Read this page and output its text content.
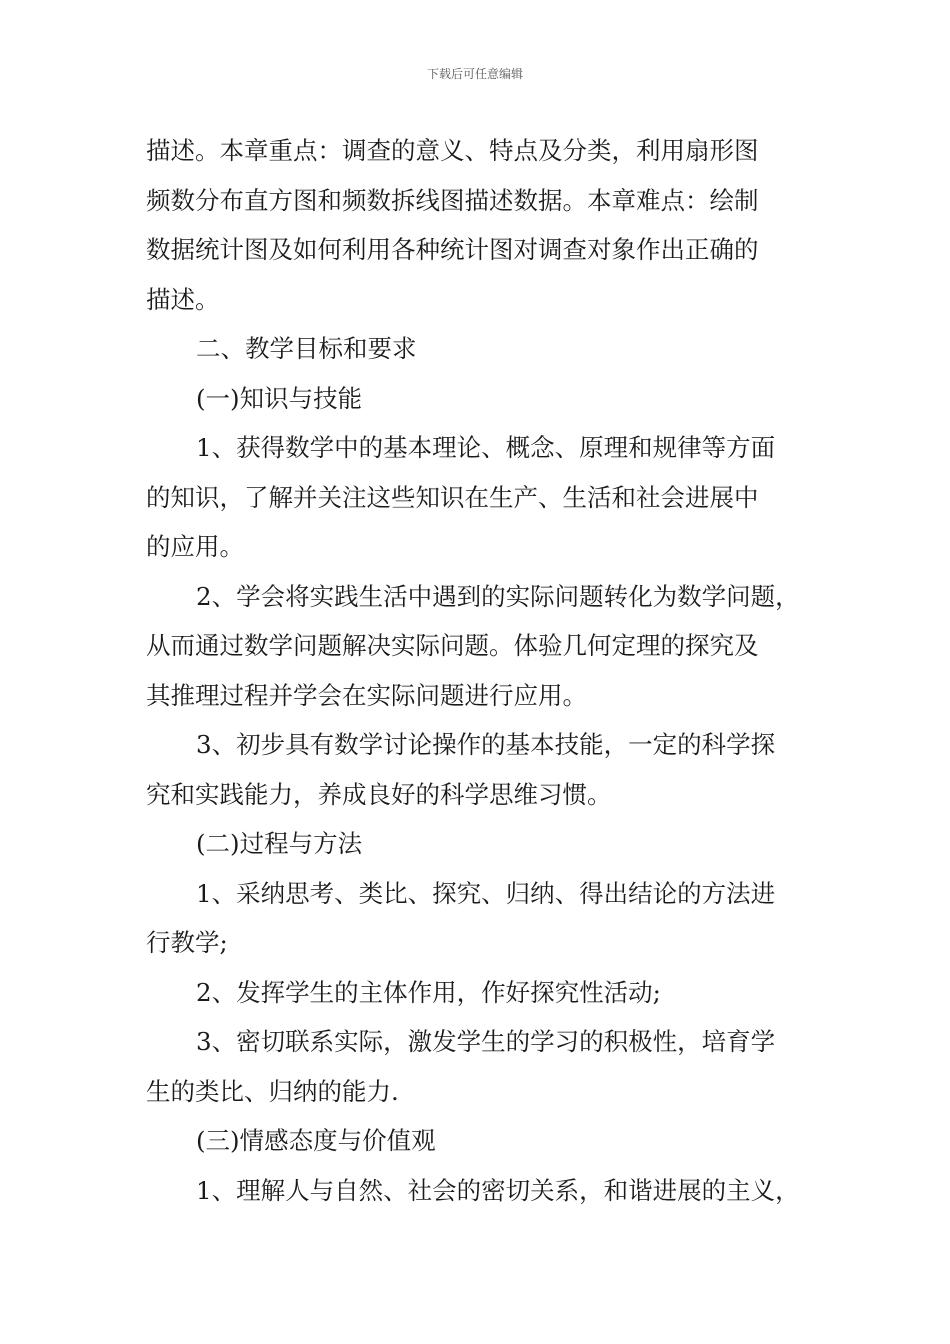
下载后可任意编辑
描述。本章重点：调查的意义、特点及分类，利用扇形图
频数分布直方图和频数拆线图描述数据。本章难点：绘制
数据统计图及如何利用各种统计图对调查对象作出正确的
描述。
二、教学目标和要求
(一)知识与技能
1、获得数学中的基本理论、概念、原理和规律等方面
的知识，了解并关注这些知识在生产、生活和社会进展中
的应用。
2、学会将实践生活中遇到的实际问题转化为数学问题，
从而通过数学问题解决实际问题。体验几何定理的探究及
其推理过程并学会在实际问题进行应用。
3、初步具有数学讨论操作的基本技能，一定的科学探
究和实践能力，养成良好的科学思维习惯。
(二)过程与方法
1、采纳思考、类比、探究、归纳、得出结论的方法进
行教学;
2、发挥学生的主体作用，作好探究性活动;
3、密切联系实际，激发学生的学习的积极性，培育学
生的类比、归纳的能力.
(三)情感态度与价值观
1、理解人与自然、社会的密切关系，和谐进展的主义，
